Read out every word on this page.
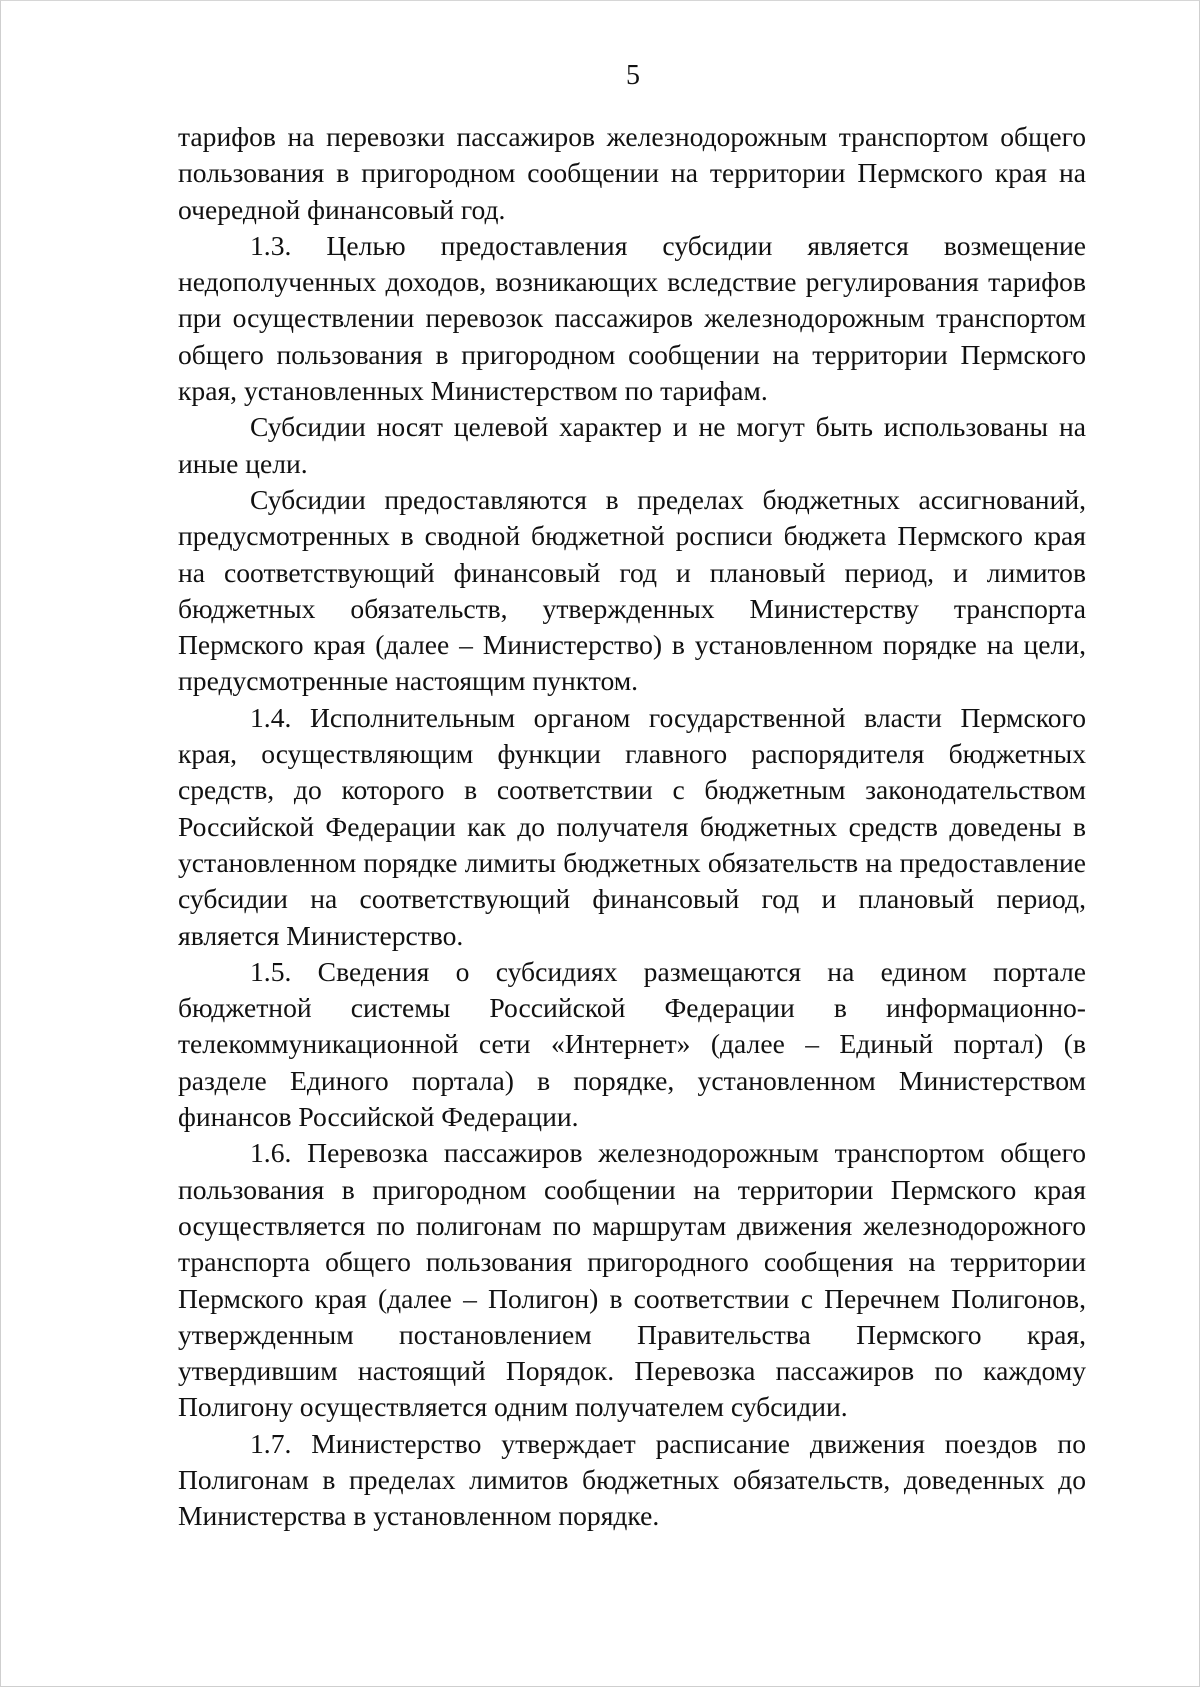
5

тарифов на перевозки пассажиров железнодорожным транспортом общего пользования в пригородном сообщении на территории Пермского края на очередной финансовый год.

1.3. Целью предоставления субсидии является возмещение недополученных доходов, возникающих вследствие регулирования тарифов при осуществлении перевозок пассажиров железнодорожным транспортом общего пользования в пригородном сообщении на территории Пермского края, установленных Министерством по тарифам.

Субсидии носят целевой характер и не могут быть использованы на иные цели.

Субсидии предоставляются в пределах бюджетных ассигнований, предусмотренных в сводной бюджетной росписи бюджета Пермского края на соответствующий финансовый год и плановый период, и лимитов бюджетных обязательств, утвержденных Министерству транспорта Пермского края (далее – Министерство) в установленном порядке на цели, предусмотренные настоящим пунктом.

1.4. Исполнительным органом государственной власти Пермского края, осуществляющим функции главного распорядителя бюджетных средств, до которого в соответствии с бюджетным законодательством Российской Федерации как до получателя бюджетных средств доведены в установленном порядке лимиты бюджетных обязательств на предоставление субсидии на соответствующий финансовый год и плановый период, является Министерство.

1.5. Сведения о субсидиях размещаются на едином портале бюджетной системы Российской Федерации в информационно-телекоммуникационной сети «Интернет» (далее – Единый портал) (в разделе Единого портала) в порядке, установленном Министерством финансов Российской Федерации.

1.6. Перевозка пассажиров железнодорожным транспортом общего пользования в пригородном сообщении на территории Пермского края осуществляется по полигонам по маршрутам движения железнодорожного транспорта общего пользования пригородного сообщения на территории Пермского края (далее – Полигон) в соответствии с Перечнем Полигонов, утвержденным постановлением Правительства Пермского края, утвердившим настоящий Порядок. Перевозка пассажиров по каждому Полигону осуществляется одним получателем субсидии.

1.7. Министерство утверждает расписание движения поездов по Полигонам в пределах лимитов бюджетных обязательств, доведенных до Министерства в установленном порядке.
